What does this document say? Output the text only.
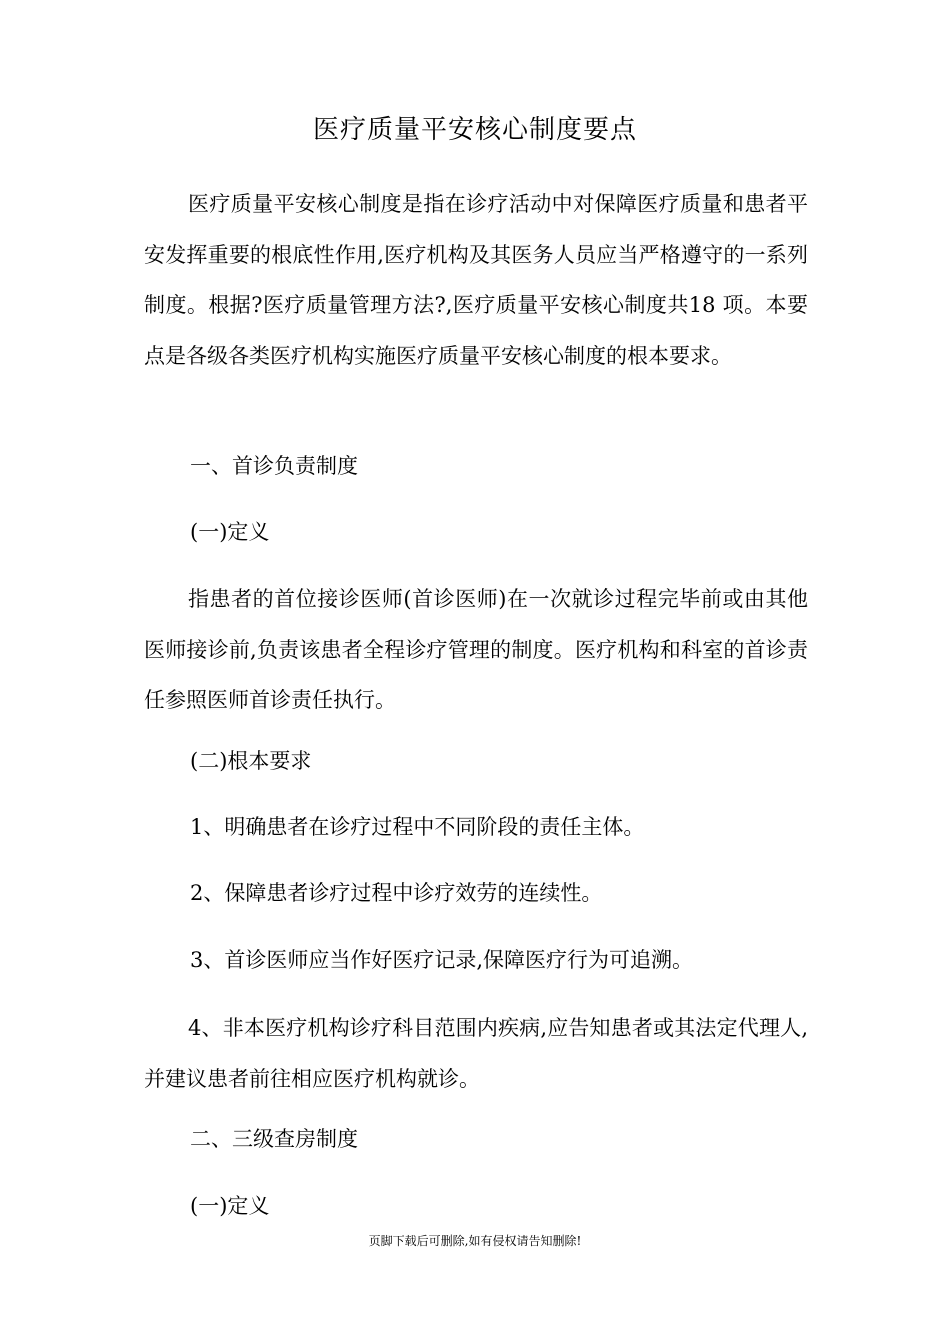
医疗质量平安核心制度要点

医疗质量平安核心制度是指在诊疗活动中对保障医疗质量和患者平安发挥重要的根底性作用,医疗机构及其医务人员应当严格遵守的一系列制度。根据?医疗质量管理方法?,医疗质量平安核心制度共18 项。本要点是各级各类医疗机构实施医疗质量平安核心制度的根本要求。

一、首诊负责制度

(一)定义

指患者的首位接诊医师(首诊医师)在一次就诊过程完毕前或由其他医师接诊前,负责该患者全程诊疗管理的制度。医疗机构和科室的首诊责任参照医师首诊责任执行。

(二)根本要求

1、明确患者在诊疗过程中不同阶段的责任主体。

2、保障患者诊疗过程中诊疗效劳的连续性。

3、首诊医师应当作好医疗记录,保障医疗行为可追溯。

4、非本医疗机构诊疗科目范围内疾病,应告知患者或其法定代理人,并建议患者前往相应医疗机构就诊。

二、三级查房制度

(一)定义

页脚下载后可删除,如有侵权请告知删除!
